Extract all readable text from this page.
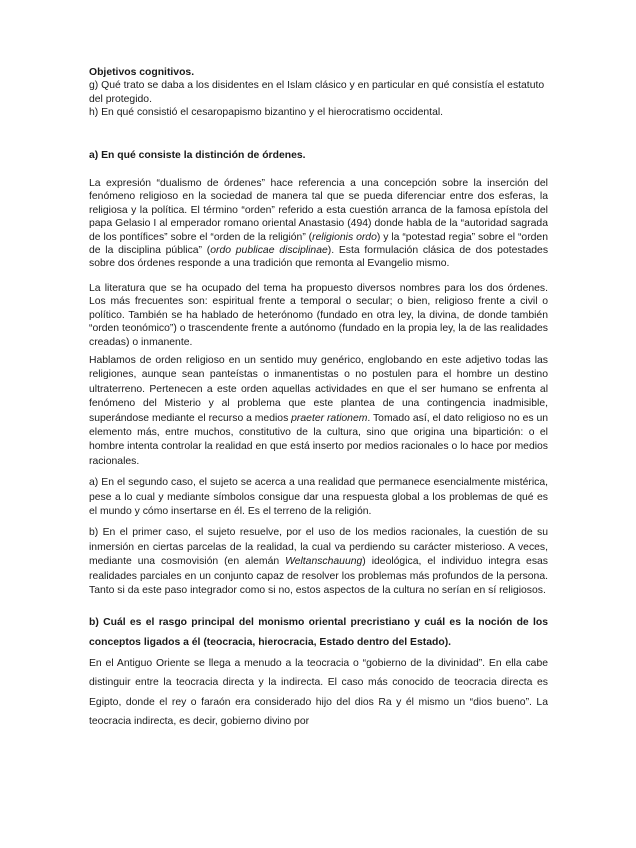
Objetivos cognitivos.

g) Qué trato se daba a los disidentes en el Islam clásico y en particular en qué consistía el estatuto del protegido.

h) En qué consistió el cesaropapismo bizantino y el hierocratismo occidental.

a) En qué consiste la distinción de órdenes.

La expresión “dualismo de órdenes” hace referencia a una concepción sobre la inserción del fenómeno religioso en la sociedad de manera tal que se pueda diferenciar entre dos esferas, la religiosa y la política. El término “orden” referido a esta cuestión arranca de la famosa epístola del papa Gelasio I al emperador romano oriental Anastasio (494) donde habla de la “autoridad sagrada de los pontífices” sobre el “orden de la religión” (religionis ordo) y la “potestad regia” sobre el “orden de la disciplina pública” (ordo publicae disciplinae). Esta formulación clásica de dos potestades sobre dos órdenes responde a una tradición que remonta al Evangelio mismo.

La literatura que se ha ocupado del tema ha propuesto diversos nombres para los dos órdenes. Los más frecuentes son: espiritual frente a temporal o secular; o bien, religioso frente a civil o político. También se ha hablado de heterónomo (fundado en otra ley, la divina, de donde también “orden teonómico”) o trascendente frente a autónomo (fundado en la propia ley, la de las realidades creadas) o inmanente.

Hablamos de orden religioso en un sentido muy genérico, englobando en este adjetivo todas las religiones, aunque sean panteístas o inmanentistas o no postulen para el hombre un destino ultraterreno. Pertenecen a este orden aquellas actividades en que el ser humano se enfrenta al fenómeno del Misterio y al problema que este plantea de una contingencia inadmisible, superándose mediante el recurso a medios praeter rationem. Tomado así, el dato religioso no es un elemento más, entre muchos, constitutivo de la cultura, sino que origina una bipartición: o el hombre intenta controlar la realidad en que está inserto por medios racionales o lo hace por medios racionales.

a) En el segundo caso, el sujeto se acerca a una realidad que permanece esencialmente mistérica, pese a lo cual y mediante símbolos consigue dar una respuesta global a los problemas de qué es el mundo y cómo insertarse en él. Es el terreno de la religión.

b) En el primer caso, el sujeto resuelve, por el uso de los medios racionales, la cuestión de su inmersión en ciertas parcelas de la realidad, la cual va perdiendo su carácter misterioso. A veces, mediante una cosmovisión (en alemán Weltanschauung) ideológica, el individuo integra esas realidades parciales en un conjunto capaz de resolver los problemas más profundos de la persona. Tanto si da este paso integrador como si no, estos aspectos de la cultura no serían en sí religiosos.

b) Cuál es el rasgo principal del monismo oriental precristiano y cuál es la noción de los conceptos ligados a él (teocracia, hierocracia, Estado dentro del Estado).

En el Antiguo Oriente se llega a menudo a la teocracia o “gobierno de la divinidad”. En ella cabe distinguir entre la teocracia directa y la indirecta. El caso más conocido de teocracia directa es Egipto, donde el rey o faraón era considerado hijo del dios Ra y él mismo un “dios bueno”. La teocracia indirecta, es decir, gobierno divino por
